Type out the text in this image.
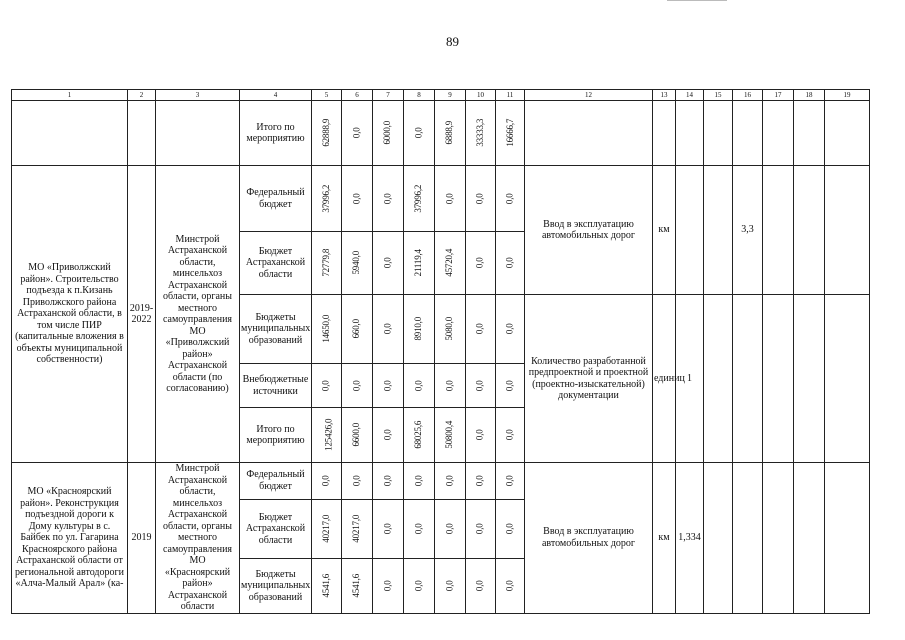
89
1	2	3	4	5	6	7	8	9	10	11	12	13	14	15	16	17	18	19
			Итого по мероприятию	62888,9	0,0	6000,0	0,0	6888,9	33333,3	16666,7								
МО «Приволжский район». Строительство подъезда к п.Кизань Приволжского района Астраханской области, в том числе ПИР (капитальные вложения в объекты муниципальной собственности)	2019-2022	Минстрой Астраханской области, минсельхоз Астраханской области, органы местного самоуправления МО «Приволжский район» Астраханской области (по согласованию)	Федеральный бюджет	37996,2	0,0	0,0	37996,2	0,0	0,0	0,0	Ввод в эксплуатацию автомобильных дорог	км			3,3			
			Бюджет Астраханской области	72779,8	5940,0	0,0	21119,4	45720,4	0,0	0,0								
			Бюджеты муниципальных образований	14650,0	660,0	0,0	8910,0	5080,0	0,0	0,0	Количество разработанной предпроектной и проектной (проектно-изыскательной) документации	единиц	1					
			Внебюджетные источники	0,0	0,0	0,0	0,0	0,0	0,0	0,0								
			Итого по мероприятию	125426,0	6600,0	0,0	68025,6	50800,4	0,0	0,0								
МО «Красноярский район». Реконструкция подъездной дороги к Дому культуры в с. Байбек по ул. Гагарина Красноярского района Астраханской области от региональной автодороги «Алча-Малый Арал» (ка-	2019	Минстрой Астраханской области, минсельхоз Астраханской области, органы местного самоуправления МО «Красноярский район» Астраханской области	Федеральный бюджет	0,0	0,0	0,0	0,0	0,0	0,0	0,0	Ввод в эксплуатацию автомобильных дорог	км	1,334					
			Бюджет Астраханской области	40217,0	40217,0	0,0	0,0	0,0	0,0	0,0								
			Бюджеты муниципальных образований	4541,6	4541,6	0,0	0,0	0,0	0,0	0,0								
